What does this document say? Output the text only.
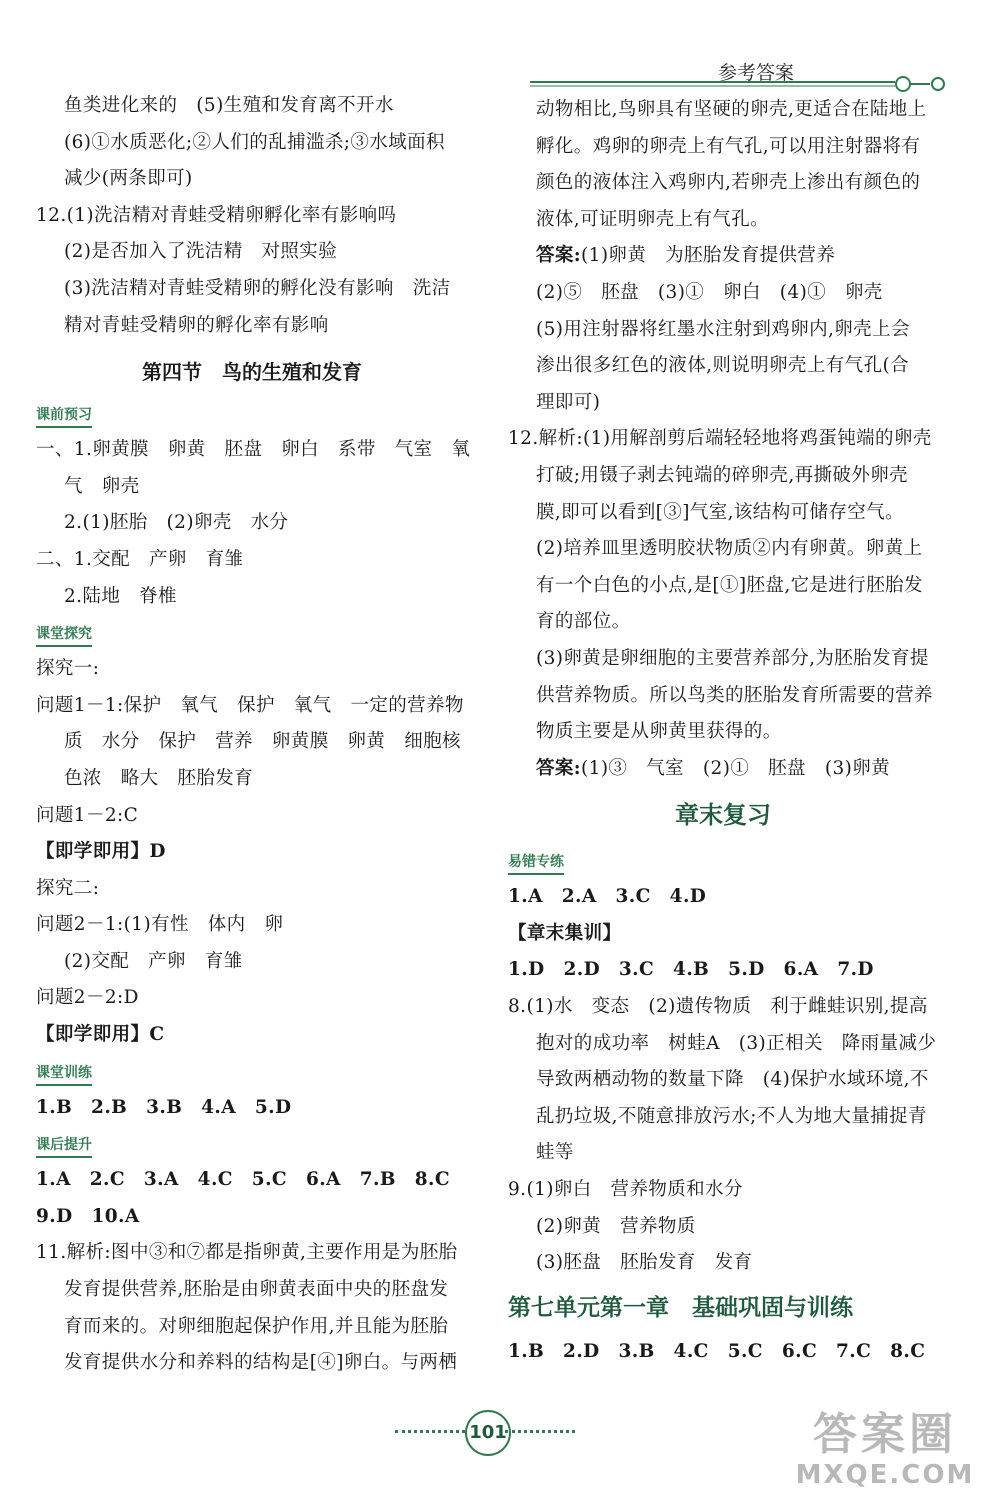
参考答案
鱼类进化来的　(5)生殖和发育离不开水
(6)①水质恶化;②人们的乱捕滥杀;③水域面积
减少(两条即可)
12.(1)洗洁精对青蛙受精卵孵化率有影响吗
(2)是否加入了洗洁精　对照实验
(3)洗洁精对青蛙受精卵的孵化没有影响　洗洁
精对青蛙受精卵的孵化率有影响
第四节　鸟的生殖和发育
课前预习
一、1.卵黄膜　卵黄　胚盘　卵白　系带　气室　氧
气　卵壳
2.(1)胚胎　(2)卵壳　水分
二、1.交配　产卵　育雏
2.陆地　脊椎
课堂探究
探究一:
问题1－1:保护　氧气　保护　氧气　一定的营养物
质　水分　保护　营养　卵黄膜　卵黄　细胞核
色浓　略大　胚胎发育
问题1－2:C
【即学即用】D
探究二:
问题2－1:(1)有性　体内　卵
(2)交配　产卵　育雏
问题2－2:D
【即学即用】C
课堂训练
1.B　2.B　3.B　4.A　5.D
课后提升
1.A　2.C　3.A　4.C　5.C　6.A　7.B　8.C
9.D　10.A
11.解析:图中③和⑦都是指卵黄,主要作用是为胚胎
发育提供营养,胚胎是由卵黄表面中央的胚盘发
育而来的。对卵细胞起保护作用,并且能为胚胎
发育提供水分和养料的结构是[④]卵白。与两栖
动物相比,鸟卵具有坚硬的卵壳,更适合在陆地上
孵化。鸡卵的卵壳上有气孔,可以用注射器将有
颜色的液体注入鸡卵内,若卵壳上渗出有颜色的
液体,可证明卵壳上有气孔。
答案:(1)卵黄　为胚胎发育提供营养
(2)⑤　胚盘　(3)①　卵白　(4)①　卵壳
(5)用注射器将红墨水注射到鸡卵内,卵壳上会
渗出很多红色的液体,则说明卵壳上有气孔(合
理即可)
12.解析:(1)用解剖剪后端轻轻地将鸡蛋钝端的卵壳
打破;用镊子剥去钝端的碎卵壳,再撕破外卵壳
膜,即可以看到[③]气室,该结构可储存空气。
(2)培养皿里透明胶状物质②内有卵黄。卵黄上
有一个白色的小点,是[①]胚盘,它是进行胚胎发
育的部位。
(3)卵黄是卵细胞的主要营养部分,为胚胎发育提
供营养物质。所以鸟类的胚胎发育所需要的营养
物质主要是从卵黄里获得的。
答案:(1)③　气室　(2)①　胚盘　(3)卵黄
章末复习
易错专练
1.A　2.A　3.C　4.D
【章末集训】
1.D　2.D　3.C　4.B　5.D　6.A　7.D
8.(1)水　变态　(2)遗传物质　利于雌蛙识别,提高
抱对的成功率　树蛙A　(3)正相关　降雨量减少
导致两栖动物的数量下降　(4)保护水域环境,不
乱扔垃圾,不随意排放污水;不人为地大量捕捉青
蛙等
9.(1)卵白　营养物质和水分
(2)卵黄　营养物质
(3)胚盘　胚胎发育　发育
第七单元第一章　基础巩固与训练
1.B　2.D　3.B　4.C　5.C　6.C　7.C　8.C
101	答案圈
MXQE.COM
